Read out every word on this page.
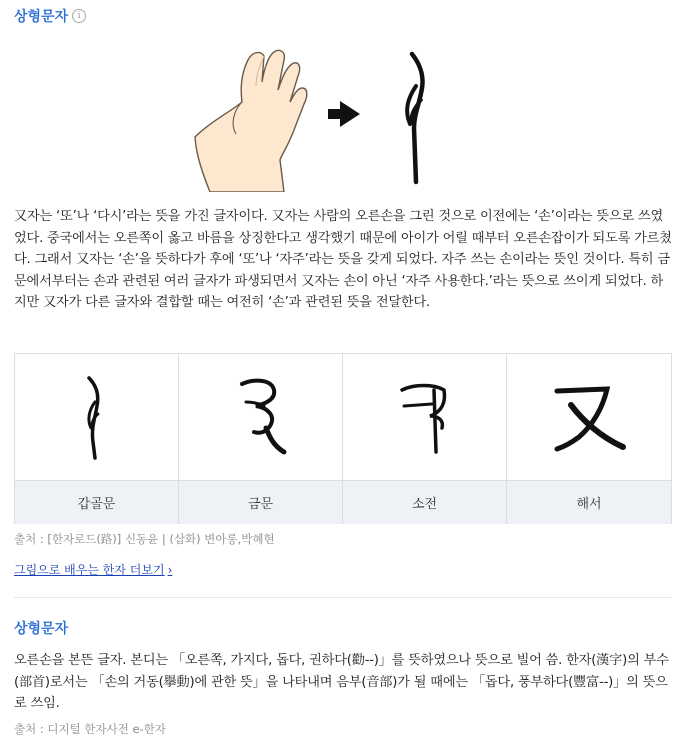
상형문자	i
又자는 ‘또’나 ‘다시’라는 뜻을 가진 글자이다. 又자는 사람의 오른손을 그린 것으로 이전에는 ‘손’이라는 뜻으로 쓰였었다. 중국에서는 오른쪽이 옳고 바름을 상징한다고 생각했기 때문에 아이가 어릴 때부터 오른손잡이가 되도록 가르쳤다. 그래서 又자는 ‘손’을 뜻하다가 후에 ‘또’나 ‘자주’라는 뜻을 갖게 되었다. 자주 쓰는 손이라는 뜻인 것이다. 특히 금문에서부터는 손과 관련된 여러 글자가 파생되면서 又자는 손이 아닌 ‘자주 사용한다.’라는 뜻으로 쓰이게 되었다. 하지만 又자가 다른 글자와 결합할 때는 여전히 ‘손’과 관련된 뜻을 전달한다.
갑골문	금문	소전	해서
출처 : [한자로드(路)] 신동윤 | (삽화) 변아롱,박혜현
그림으로 배우는 한자 더보기 ›
상형문자
오른손을 본뜬 글자. 본디는 「오른쪽, 가지다, 돕다, 권하다(勸--)」를 뜻하였으나 뜻으로 빌어 씀. 한자(漢字)의 부수(部首)로서는 「손의 거동(擧動)에 관한 뜻」을 나타내며 음부(音部)가 될 때에는 「돕다, 풍부하다(豐富--)」의 뜻으로 쓰임.
출처 : 디지털 한자사전 e-한자
